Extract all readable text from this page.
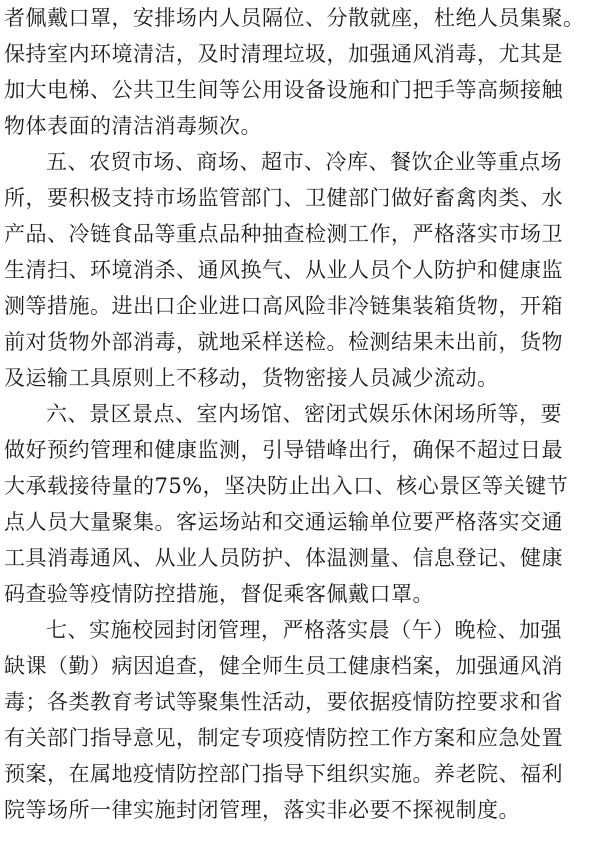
者佩戴口罩，安排场内人员隔位、分散就座，杜绝人员集聚。
保持室内环境清洁，及时清理垃圾，加强通风消毒，尤其是
加大电梯、公共卫生间等公用设备设施和门把手等高频接触
物体表面的清洁消毒频次。
五、农贸市场、商场、超市、冷库、餐饮企业等重点场
所，要积极支持市场监管部门、卫健部门做好畜禽肉类、水
产品、冷链食品等重点品种抽查检测工作，严格落实市场卫
生清扫、环境消杀、通风换气、从业人员个人防护和健康监
测等措施。进出口企业进口高风险非冷链集装箱货物，开箱
前对货物外部消毒，就地采样送检。检测结果未出前，货物
及运输工具原则上不移动，货物密接人员减少流动。
六、景区景点、室内场馆、密闭式娱乐休闲场所等，要
做好预约管理和健康监测，引导错峰出行，确保不超过日最
大承载接待量的75%，坚决防止出入口、核心景区等关键节
点人员大量聚集。客运场站和交通运输单位要严格落实交通
工具消毒通风、从业人员防护、体温测量、信息登记、健康
码查验等疫情防控措施，督促乘客佩戴口罩。
七、实施校园封闭管理，严格落实晨（午）晚检、加强
缺课（勤）病因追查，健全师生员工健康档案，加强通风消
毒；各类教育考试等聚集性活动，要依据疫情防控要求和省
有关部门指导意见，制定专项疫情防控工作方案和应急处置
预案，在属地疫情防控部门指导下组织实施。养老院、福利
院等场所一律实施封闭管理，落实非必要不探视制度。
